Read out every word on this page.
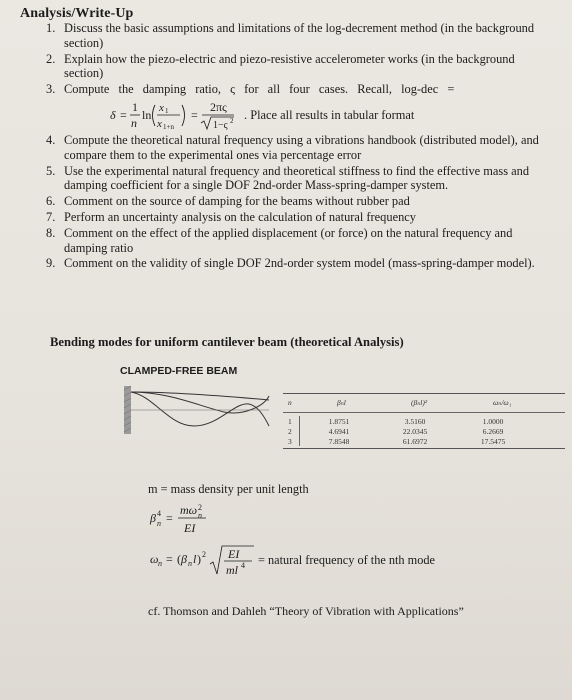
Analysis/Write-Up
1. Discuss the basic assumptions and limitations of the log-decrement method (in the background section)
2. Explain how the piezo-electric and piezo-resistive accelerometer works (in the background section)
3. Compute the damping ratio, ς for all four cases. Recall, log-dec =
δ =
1
n
ln x 1
x 1+n
=
2πς
1−ς 2 . Place all results in tabular format
4. Compute the theoretical natural frequency using a vibrations handbook (distributed model), and compare them to the experimental ones via percentage error
5. Use the experimental natural frequency and theoretical stiffness to find the effective mass and damping coefficient for a single DOF 2nd-order Mass-spring-damper system.
6. Comment on the source of damping for the beams without rubber pad
7. Perform an uncertainty analysis on the calculation of natural frequency
8. Comment on the effect of the applied displacement (or force) on the natural frequency and damping ratio
9. Comment on the validity of single DOF 2nd-order system model (mass-spring-damper model).
Bending modes for uniform cantilever beam (theoretical Analysis)
CLAMPED-FREE BEAM
n	βₙl	(βₙl)²	ωₙ/ω₁
1	1.8751	3.5160	1.0000
2	4.6941	22.0345	6.2669
3	7.8548	61.6972	17.5475
m = mass density per unit length
β 4
n =
mω 2
n
EI
ω n = ( β n l ) 2 EI
ml 4 = natural frequency of the nth mode
cf. Thomson and Dahleh “Theory of Vibration with Applications”
